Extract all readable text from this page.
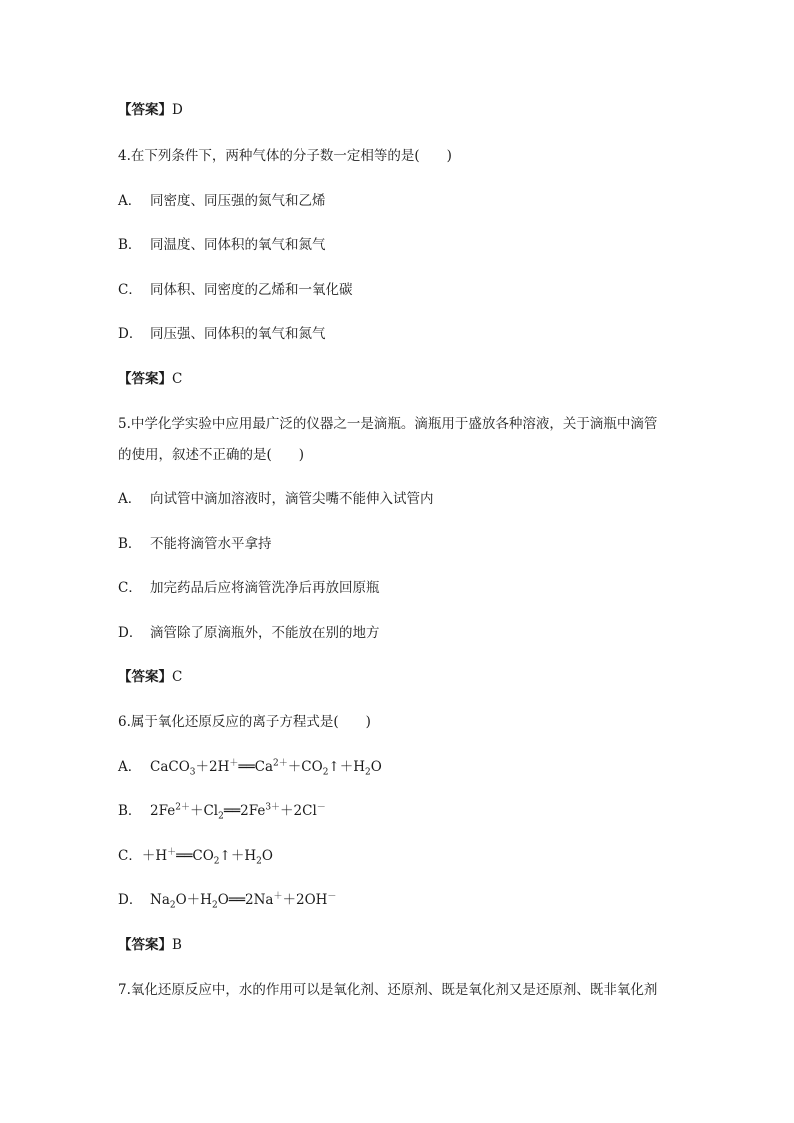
【答案】D
4.在下列条件下，两种气体的分子数一定相等的是(　　)
A． 同密度、同压强的氮气和乙烯
B． 同温度、同体积的氧气和氮气
C． 同体积、同密度的乙烯和一氧化碳
D． 同压强、同体积的氧气和氮气
【答案】C
5.中学化学实验中应用最广泛的仪器之一是滴瓶。滴瓶用于盛放各种溶液，关于滴瓶中滴管
的使用，叙述不正确的是(　　)
A． 向试管中滴加溶液时，滴管尖嘴不能伸入试管内
B． 不能将滴管水平拿持
C． 加完药品后应将滴管洗净后再放回原瓶
D． 滴管除了原滴瓶外，不能放在别的地方
【答案】C
6.属于氧化还原反应的离子方程式是(　　)
A． $CaCO_3+2H^+══Ca^{2+}+CO_2↑+H_2O$
B． $2Fe^{2+}+Cl_2══2Fe^{3+}+2Cl^-$
C．$+H^+══CO_2↑+H_2O$
D． $Na_2O+H_2O══2Na^++2OH^-$
【答案】B
7.氧化还原反应中，水的作用可以是氧化剂、还原剂、既是氧化剂又是还原剂、既非氧化剂
